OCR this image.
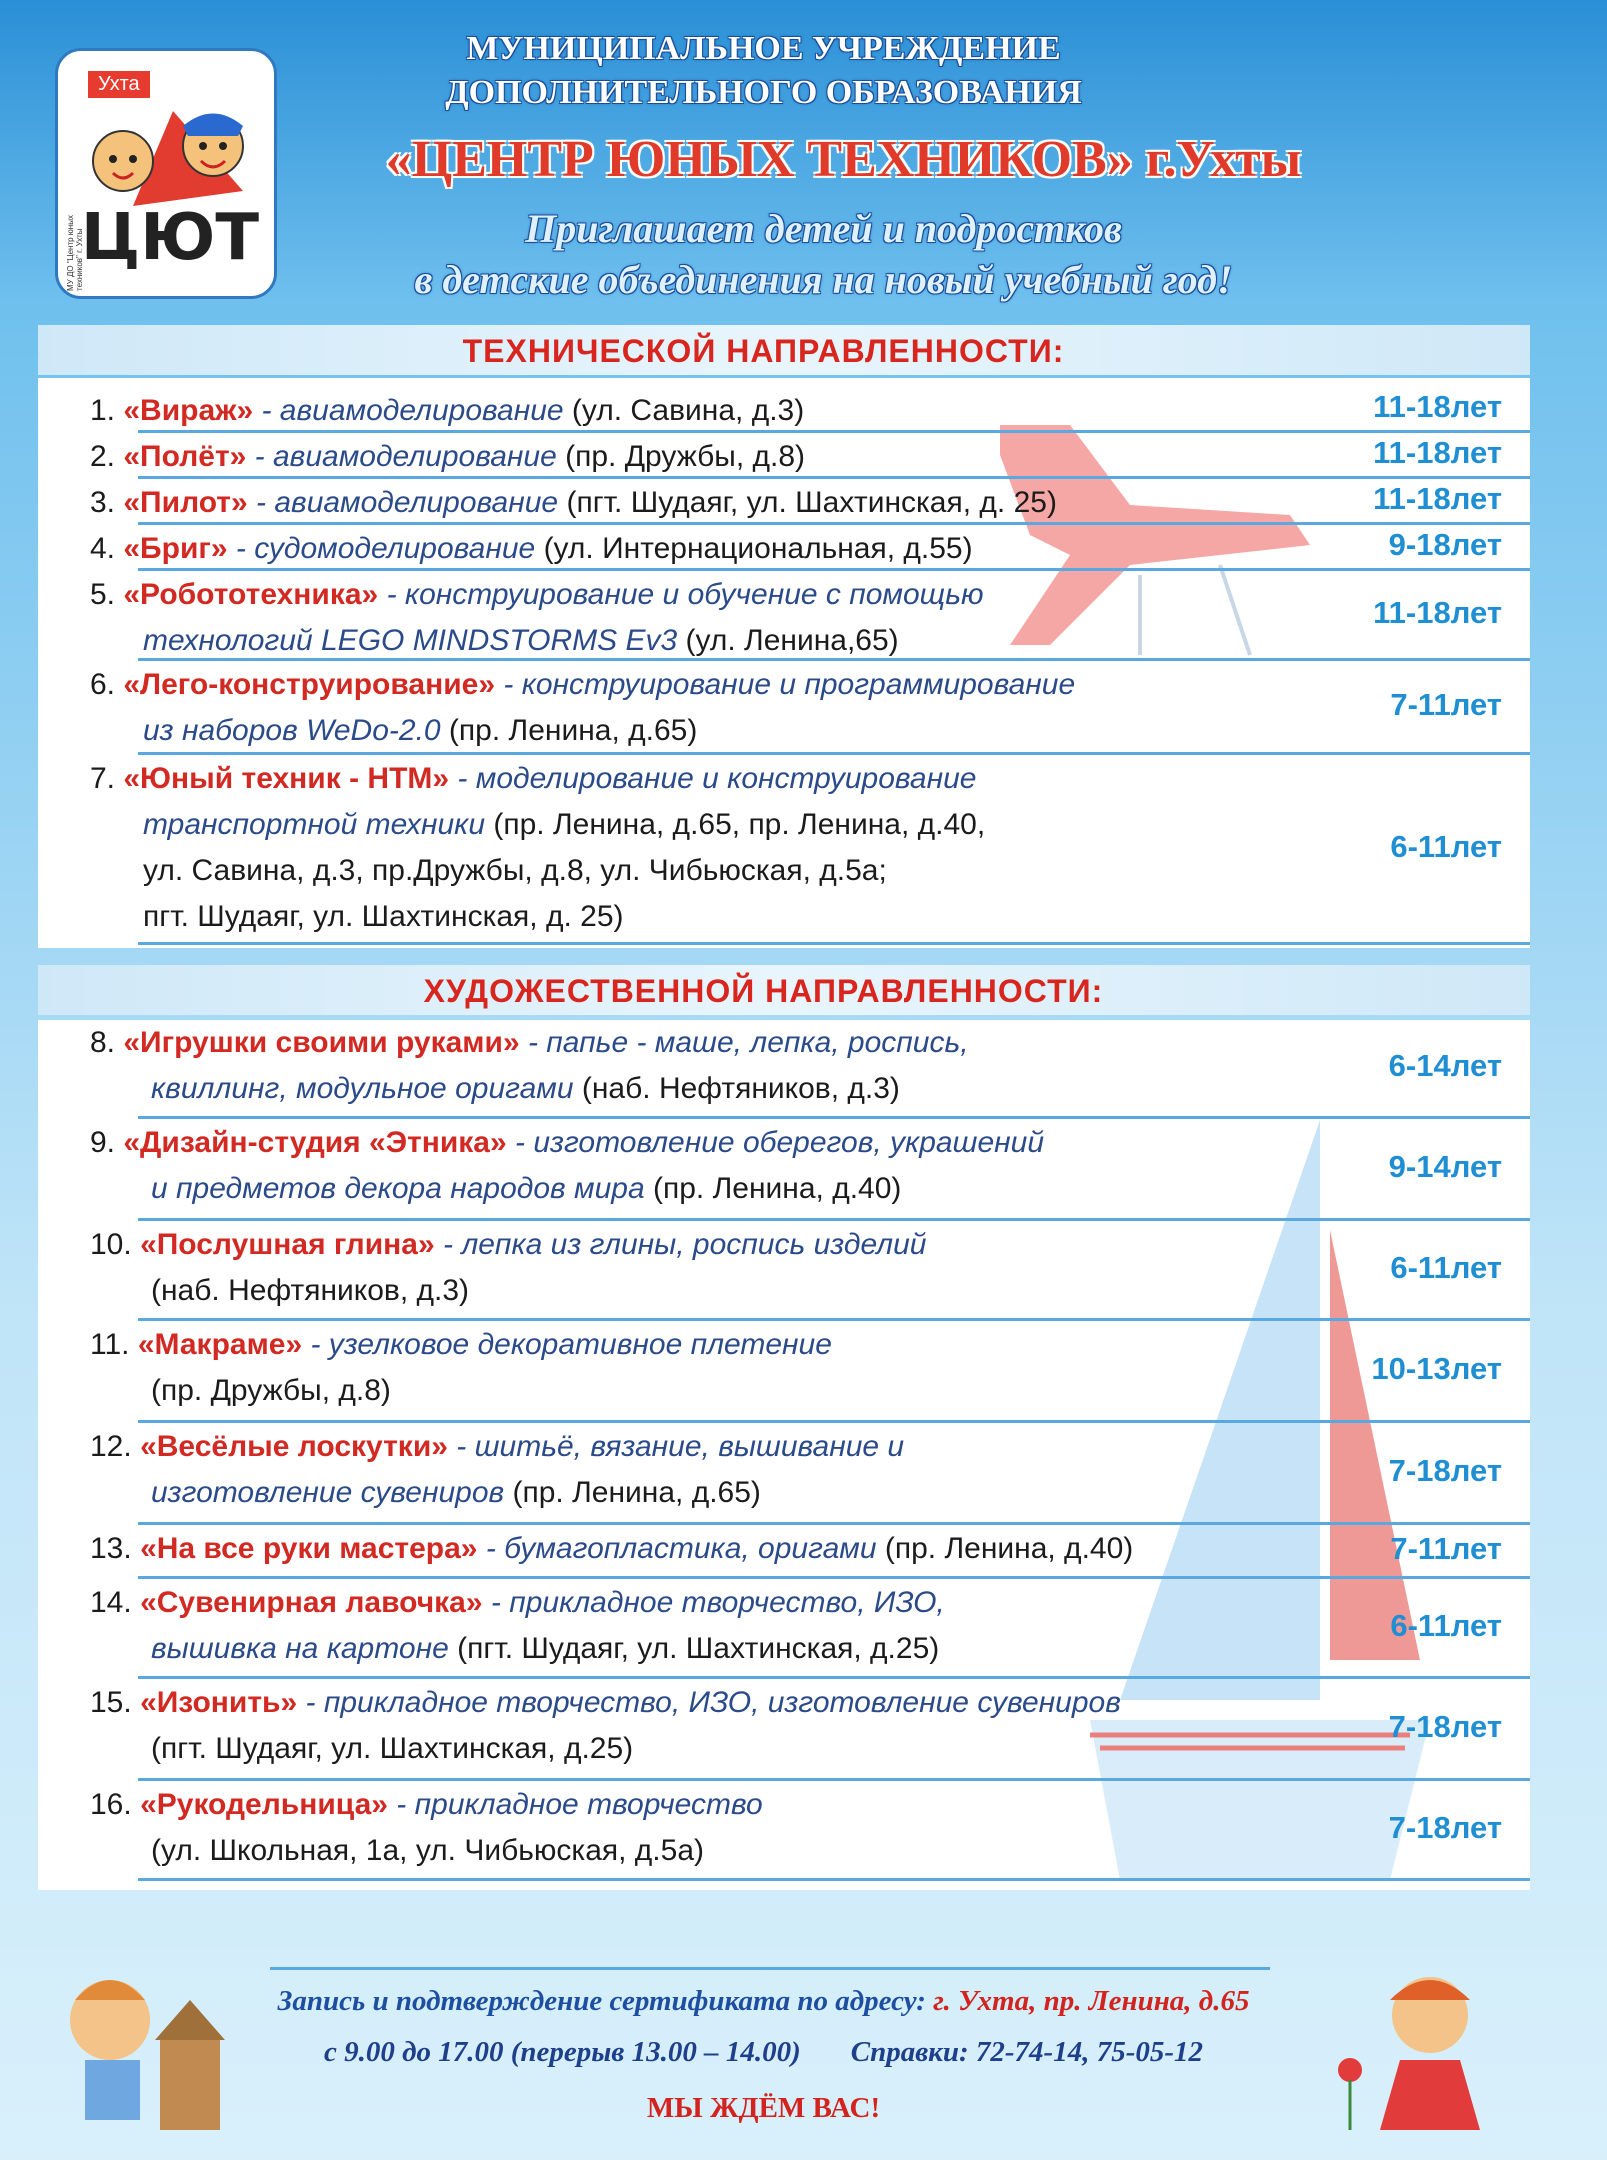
Ухта
ЦЮТ
МУ ДО "Центр юных техников" г. Ухты
МУНИЦИПАЛЬНОЕ УЧРЕЖДЕНИЕ
ДОПОЛНИТЕЛЬНОГО ОБРАЗОВАНИЯ
«ЦЕНТР ЮНЫХ ТЕХНИКОВ» г.Ухты
Приглашает детей и подростков
в детские объединения на новый учебный год!
ТЕХНИЧЕСКОЙ НАПРАВЛЕННОСТИ:
1. «Вираж» - авиамоделирование (ул. Савина, д.3)	11-18лет
2. «Полёт» - авиамоделирование (пр. Дружбы, д.8)	11-18лет
3. «Пилот» - авиамоделирование (пгт. Шудаяг, ул. Шахтинская, д. 25)	11-18лет
4. «Бриг» - судомоделирование (ул. Интернациональная, д.55)	9-18лет
5. «Робототехника» - конструирование и обучение с помощью
технологий LEGO MINDSTORMS Ev3 (ул. Ленина,65)
11-18лет
6. «Лего-конструирование» - конструирование и программирование
из наборов WeDo-2.0 (пр. Ленина, д.65)
7-11лет
7. «Юный техник - НТМ» - моделирование и конструирование
транспортной техники (пр. Ленина, д.65, пр. Ленина, д.40,
ул. Савина, д.3, пр.Дружбы, д.8, ул. Чибьюская, д.5а;
пгт. Шудаяг, ул. Шахтинская, д. 25)
6-11лет
ХУДОЖЕСТВЕННОЙ НАПРАВЛЕННОСТИ:
8. «Игрушки своими руками» - папье - маше, лепка, роспись,
квиллинг, модульное оригами (наб. Нефтяников, д.3)
6-14лет
9. «Дизайн-студия «Этника» - изготовление оберегов, украшений
и предметов декора народов мира (пр. Ленина, д.40)
9-14лет
10. «Послушная глина» - лепка из глины, роспись изделий
(наб. Нефтяников, д.3)
6-11лет
11. «Макраме» - узелковое декоративное плетение
(пр. Дружбы, д.8)
10-13лет
12. «Весёлые лоскутки» - шитьё, вязание, вышивание и
изготовление сувениров (пр. Ленина, д.65)
7-18лет
13. «На все руки мастера» - бумагопластика, оригами (пр. Ленина, д.40)	7-11лет
14. «Сувенирная лавочка» - прикладное творчество, ИЗО,
вышивка на картоне (пгт. Шудаяг, ул. Шахтинская, д.25)
6-11лет
15. «Изонить» - прикладное творчество, ИЗО, изготовление сувениров
(пгт. Шудаяг, ул. Шахтинская, д.25)
7-18лет
16. «Рукодельница» - прикладное творчество
(ул. Школьная, 1а, ул. Чибьюская, д.5а)
7-18лет
Запись и подтверждение сертификата по адресу: г. Ухта, пр. Ленина, д.65
с 9.00 до 17.00 (перерыв 13.00 – 14.00) Справки: 72-74-14, 75-05-12
МЫ ЖДЁМ ВАС!
